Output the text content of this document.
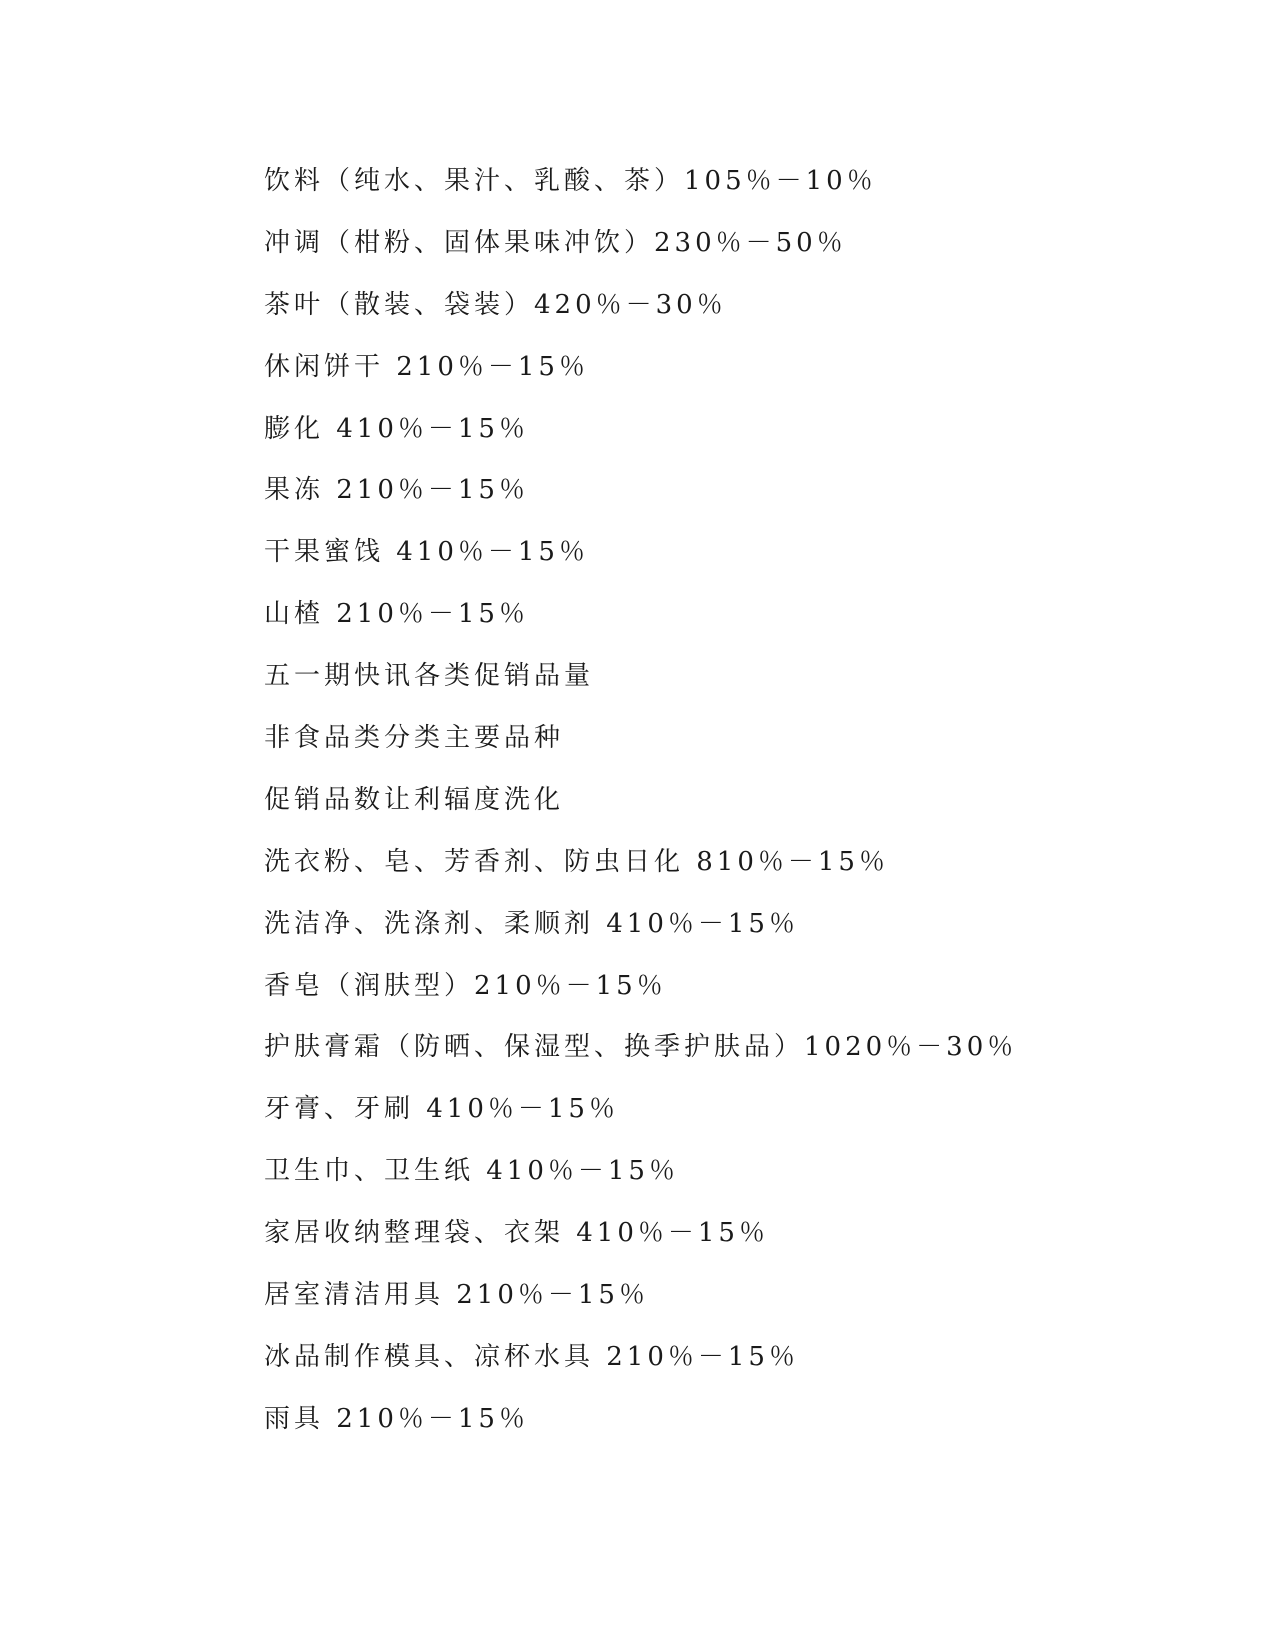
饮料（纯水、果汁、乳酸、茶）105％－10％
冲调（柑粉、固体果味冲饮）230％－50％
茶叶（散装、袋装）420％－30％
休闲饼干 210％－15％
膨化 410％－15％
果冻 210％－15％
干果蜜饯 410％－15％
山楂 210％－15％
五一期快讯各类促销品量
非食品类分类主要品种
促销品数让利辐度洗化
洗衣粉、皂、芳香剂、防虫日化 810％－15％
洗洁净、洗涤剂、柔顺剂 410％－15％
香皂（润肤型）210％－15％
护肤膏霜（防晒、保湿型、换季护肤品）1020％－30％
牙膏、牙刷 410％－15％
卫生巾、卫生纸 410％－15％
家居收纳整理袋、衣架 410％－15％
居室清洁用具 210％－15％
冰品制作模具、凉杯水具 210％－15％
雨具 210％－15％
